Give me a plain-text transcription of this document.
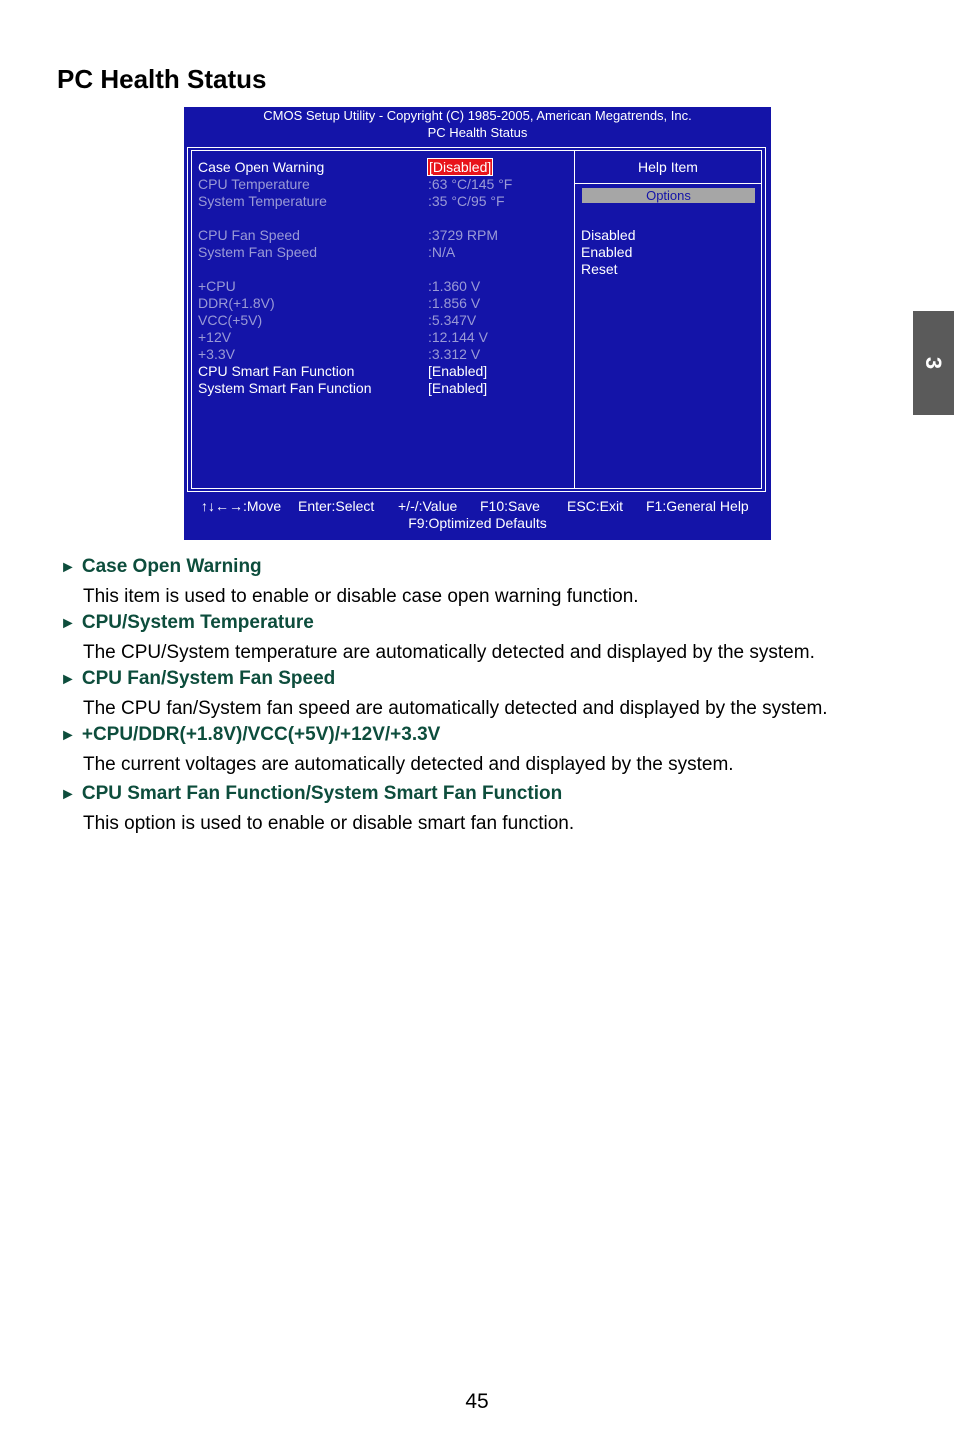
PC Health Status
3
CMOS Setup Utility - Copyright (C) 1985-2005, American Megatrends, Inc.
PC Health Status
Case Open Warning	[Disabled]
CPU Temperature	:63 °C/145 °F
System Temperature	:35 °C/95 °F
CPU Fan Speed	:3729 RPM
System Fan Speed	:N/A
+CPU	:1.360 V
DDR(+1.8V)	:1.856 V
VCC(+5V)	:5.347V
+12V	:12.144 V
+3.3V	:3.312 V
CPU Smart Fan Function	[Enabled]
System Smart Fan Function	[Enabled]
Help Item
Options
Disabled
Enabled
Reset
↑↓←→:Move Enter:Select +/-/:Value F10:Save ESC:Exit F1:General Help
F9:Optimized Defaults
► Case Open Warning

This item is used to enable or disable case open warning function.

► CPU/System Temperature

The CPU/System temperature are automatically detected and displayed by the system.

► CPU Fan/System Fan Speed

The CPU fan/System fan speed are automatically detected and displayed by the system.

► +CPU/DDR(+1.8V)/VCC(+5V)/+12V/+3.3V

The current voltages are automatically detected and displayed by the system.

► CPU Smart Fan Function/System Smart Fan Function

This option is used to enable or disable smart fan function.

45
